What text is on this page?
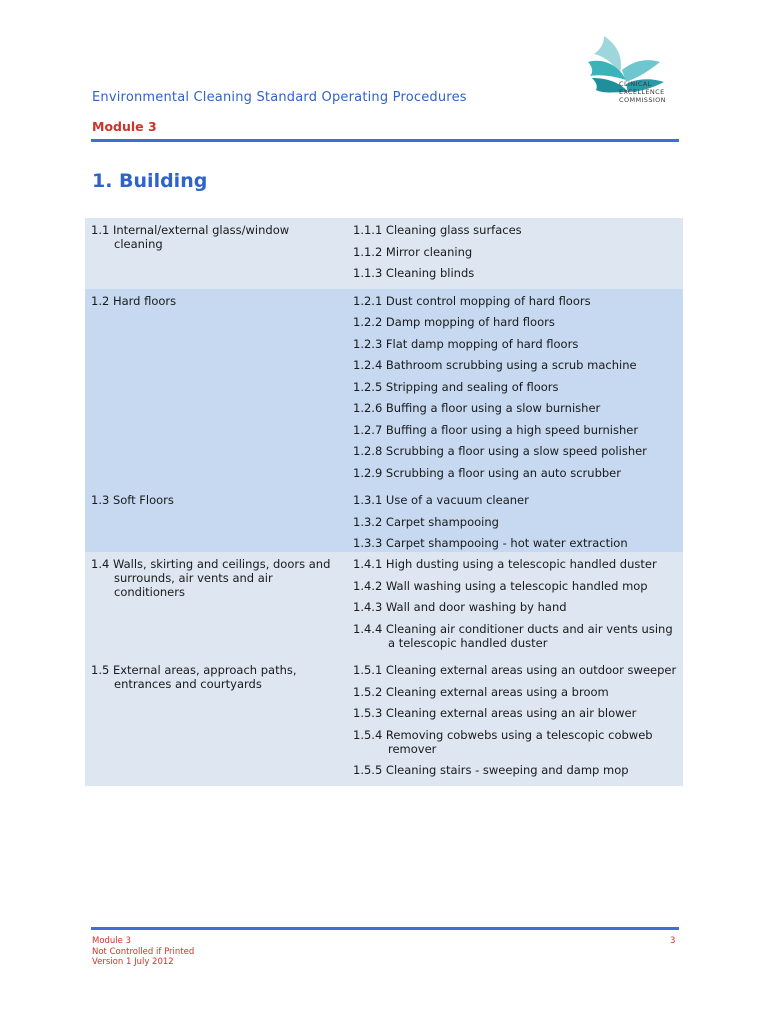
CLINICAL
EXCELLENCE
COMMISSION
Environmental Cleaning Standard Operating Procedures
Module 3
1. Building
1.1 Internal/external glass/window cleaning
1.1.1 Cleaning glass surfaces
1.1.2 Mirror cleaning
1.1.3 Cleaning blinds
1.2 Hard floors	1.2.1 Dust control mopping of hard floors
1.2.2 Damp mopping of hard floors
1.2.3 Flat damp mopping of hard floors
1.2.4 Bathroom scrubbing using a scrub machine
1.2.5 Stripping and sealing of floors
1.2.6 Buffing a floor using a slow burnisher
1.2.7 Buffing a floor using a high speed burnisher
1.2.8 Scrubbing a floor using a slow speed polisher
1.2.9 Scrubbing a floor using an auto scrubber
1.3 Soft Floors	1.3.1 Use of a vacuum cleaner
1.3.2 Carpet shampooing
1.3.3 Carpet shampooing - hot water extraction
1.4 Walls, skirting and ceilings, doors and surrounds, air vents and air conditioners
1.4.1 High dusting using a telescopic handled duster
1.4.2 Wall washing using a telescopic handled mop
1.4.3 Wall and door washing by hand
1.4.4 Cleaning air conditioner ducts and air vents using a telescopic handled duster
1.5 External areas, approach paths, entrances and courtyards
1.5.1 Cleaning external areas using an outdoor sweeper
1.5.2 Cleaning external areas using a broom
1.5.3 Cleaning external areas using an air blower
1.5.4 Removing cobwebs using a telescopic cobweb remover
1.5.5 Cleaning stairs - sweeping and damp mop
Module 3
Not Controlled if Printed
Version 1 July 2012
3
